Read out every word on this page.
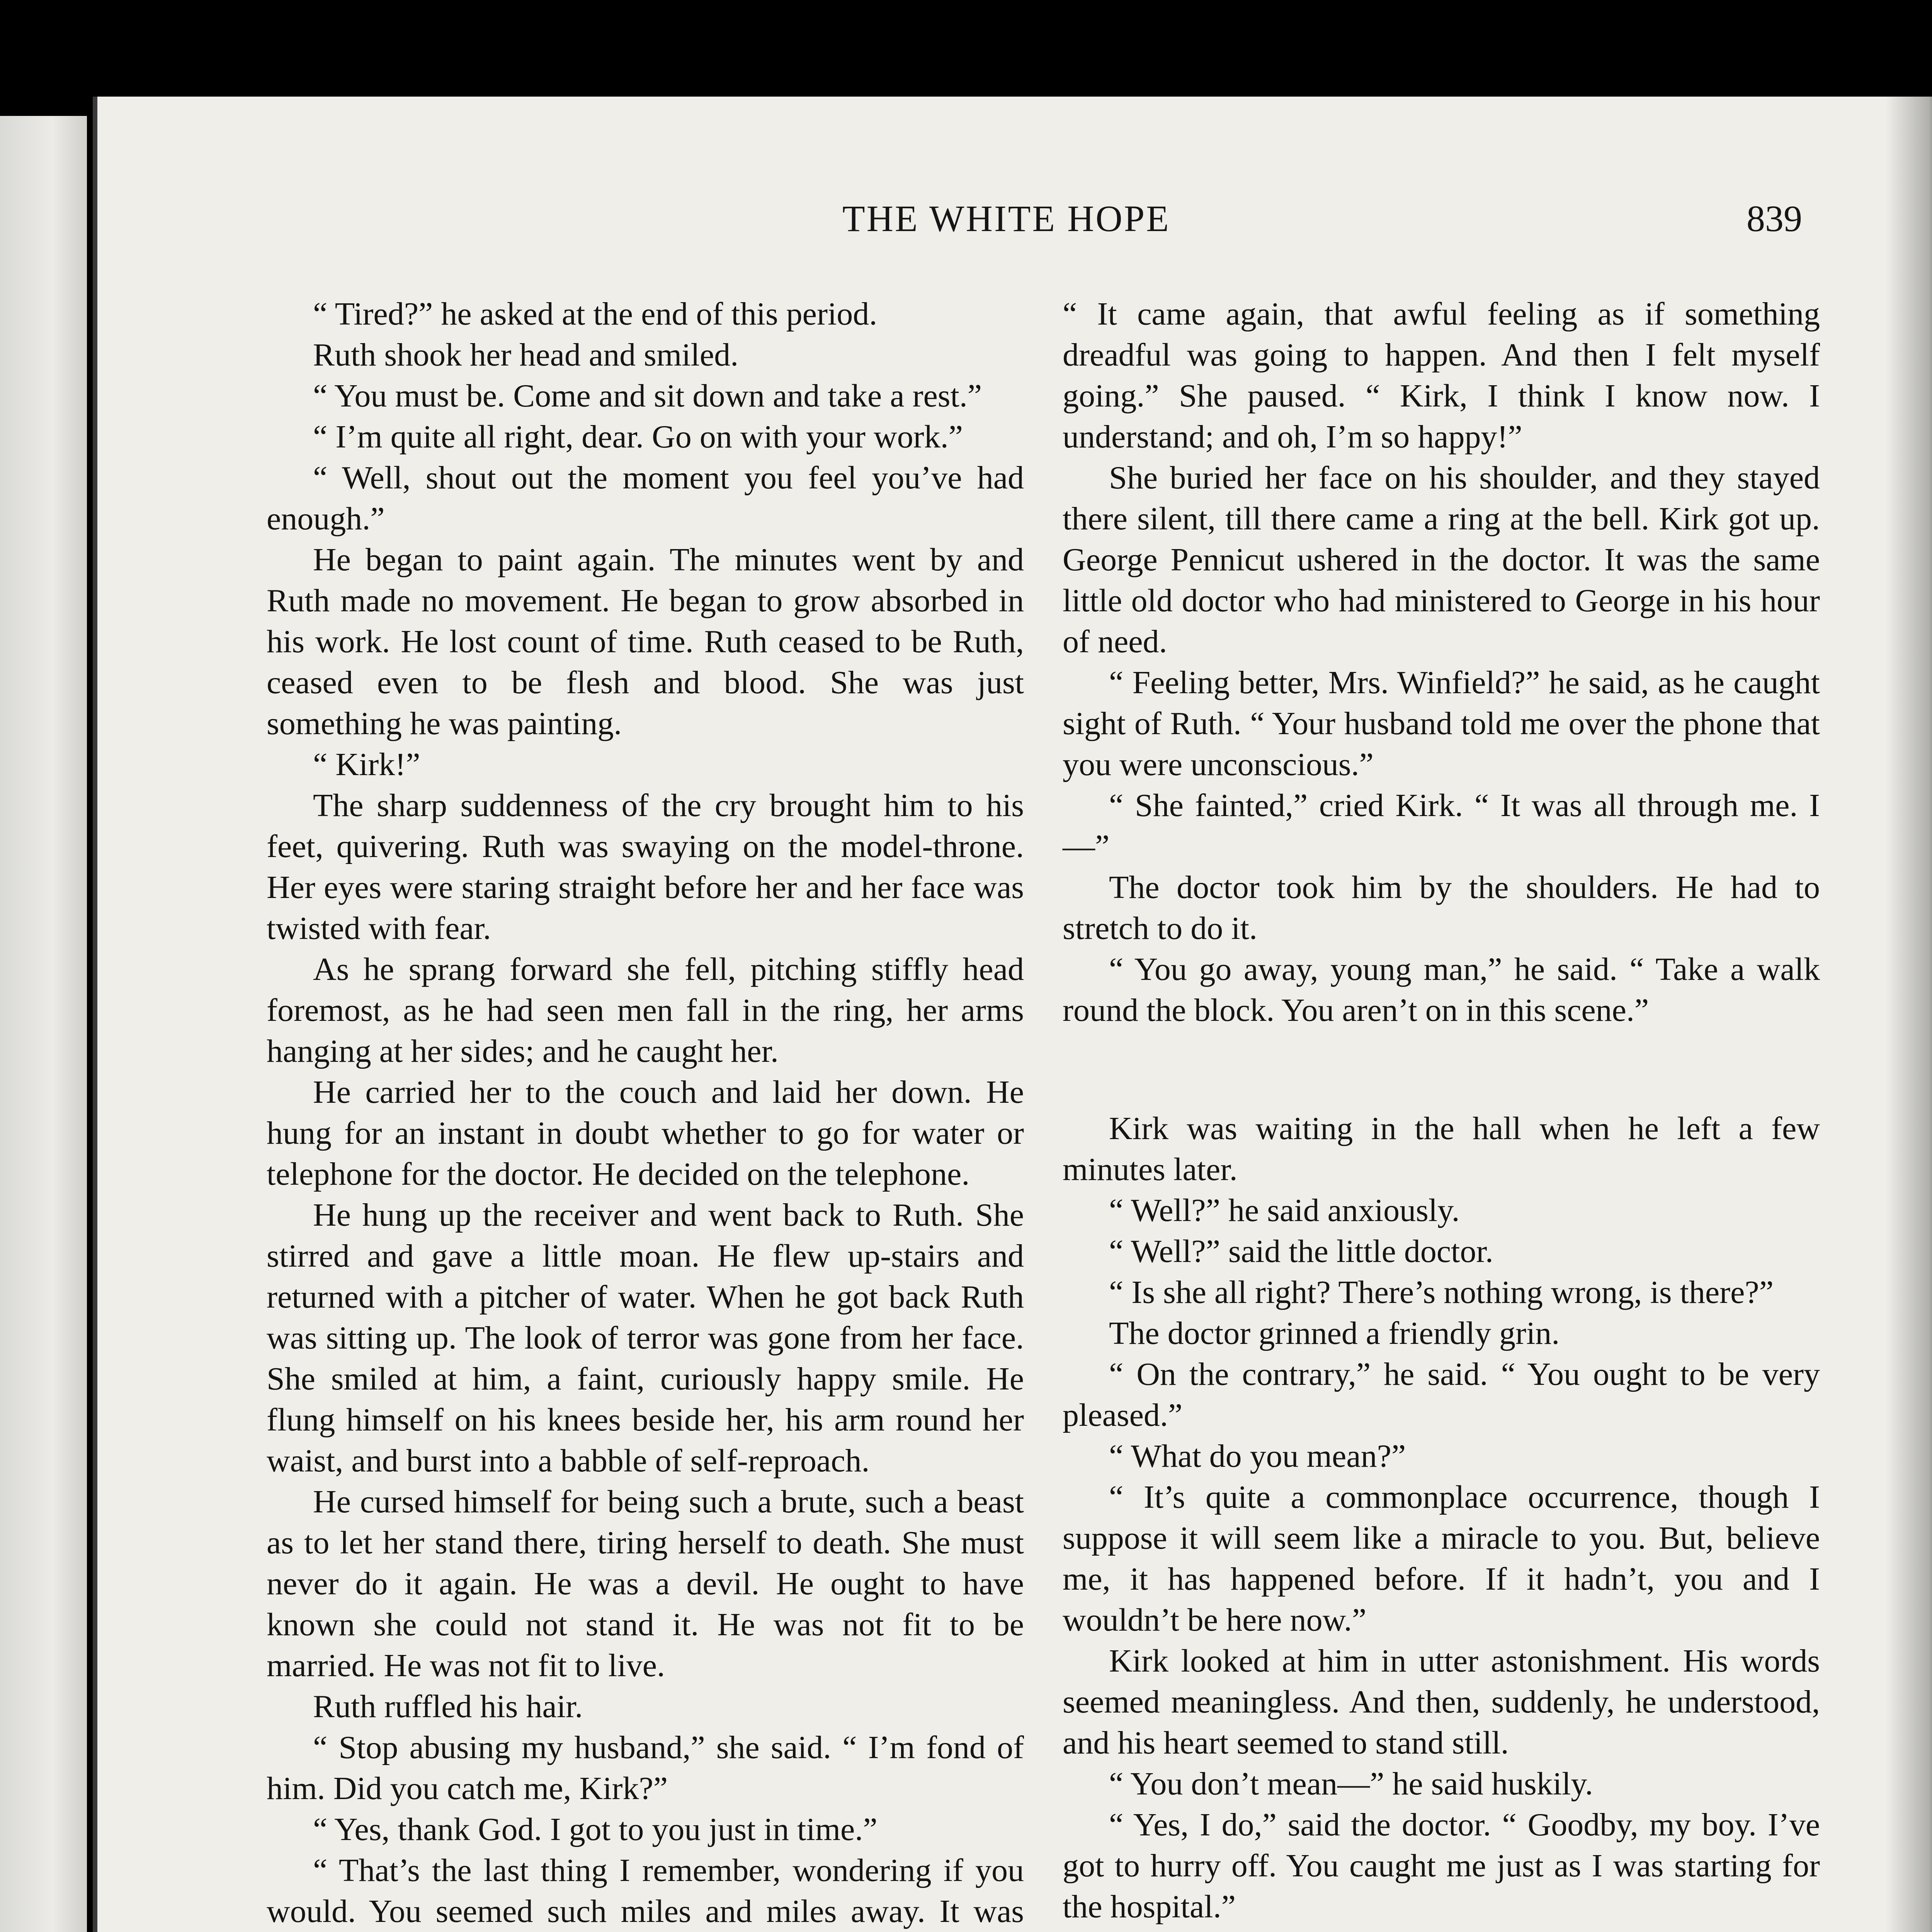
THE WHITE HOPE	839

“ Tired?” he asked at the end of this period.

Ruth shook her head and smiled.

“ You must be. Come and sit down and take a rest.”

“ I’m quite all right, dear. Go on with your work.”

“ Well, shout out the moment you feel you’ve had enough.”

He began to paint again. The minutes went by and Ruth made no movement. He began to grow absorbed in his work. He lost count of time. Ruth ceased to be Ruth, ceased even to be flesh and blood. She was just something he was painting.

“ Kirk!”

The sharp suddenness of the cry brought him to his feet, quivering. Ruth was swaying on the model-throne. Her eyes were staring straight before her and her face was twisted with fear.

As he sprang forward she fell, pitching stiffly head foremost, as he had seen men fall in the ring, her arms hanging at her sides; and he caught her.

He carried her to the couch and laid her down. He hung for an instant in doubt whether to go for water or telephone for the doctor. He decided on the telephone.

He hung up the receiver and went back to Ruth. She stirred and gave a little moan. He flew up-stairs and returned with a pitcher of water. When he got back Ruth was sitting up. The look of terror was gone from her face. She smiled at him, a faint, curiously happy smile. He flung himself on his knees beside her, his arm round her waist, and burst into a babble of self-reproach.

He cursed himself for being such a brute, such a beast as to let her stand there, tiring herself to death. She must never do it again. He was a devil. He ought to have known she could not stand it. He was not fit to be married. He was not fit to live.

Ruth ruffled his hair.

“ Stop abusing my husband,” she said. “ I’m fond of him. Did you catch me, Kirk?”

“ Yes, thank God. I got to you just in time.”

“ That’s the last thing I remember, wondering if you would. You seemed such miles and miles away. It was

“ It came again, that awful feeling as if something dreadful was going to happen. And then I felt myself going.” She paused. “ Kirk, I think I know now. I understand; and oh, I’m so happy!”

She buried her face on his shoulder, and they stayed there silent, till there came a ring at the bell. Kirk got up. George Pennicut ushered in the doctor. It was the same little old doctor who had ministered to George in his hour of need.

“ Feeling better, Mrs. Winfield?” he said, as he caught sight of Ruth. “ Your husband told me over the phone that you were unconscious.”

“ She fainted,” cried Kirk. “ It was all through me. I—”

The doctor took him by the shoulders. He had to stretch to do it.

“ You go away, young man,” he said. “ Take a walk round the block. You aren’t on in this scene.”

Kirk was waiting in the hall when he left a few minutes later.

“ Well?” he said anxiously.

“ Well?” said the little doctor.

“ Is she all right? There’s nothing wrong, is there?”

The doctor grinned a friendly grin.

“ On the contrary,” he said. “ You ought to be very pleased.”

“ What do you mean?”

“ It’s quite a commonplace occurrence, though I suppose it will seem like a miracle to you. But, believe me, it has happened before. If it hadn’t, you and I wouldn’t be here now.”

Kirk looked at him in utter astonishment. His words seemed meaningless. And then, suddenly, he understood, and his heart seemed to stand still.

“ You don’t mean—” he said huskily.

“ Yes, I do,” said the doctor. “ Goodby, my boy. I’ve got to hurry off. You caught me just as I was starting for the hospital.”
